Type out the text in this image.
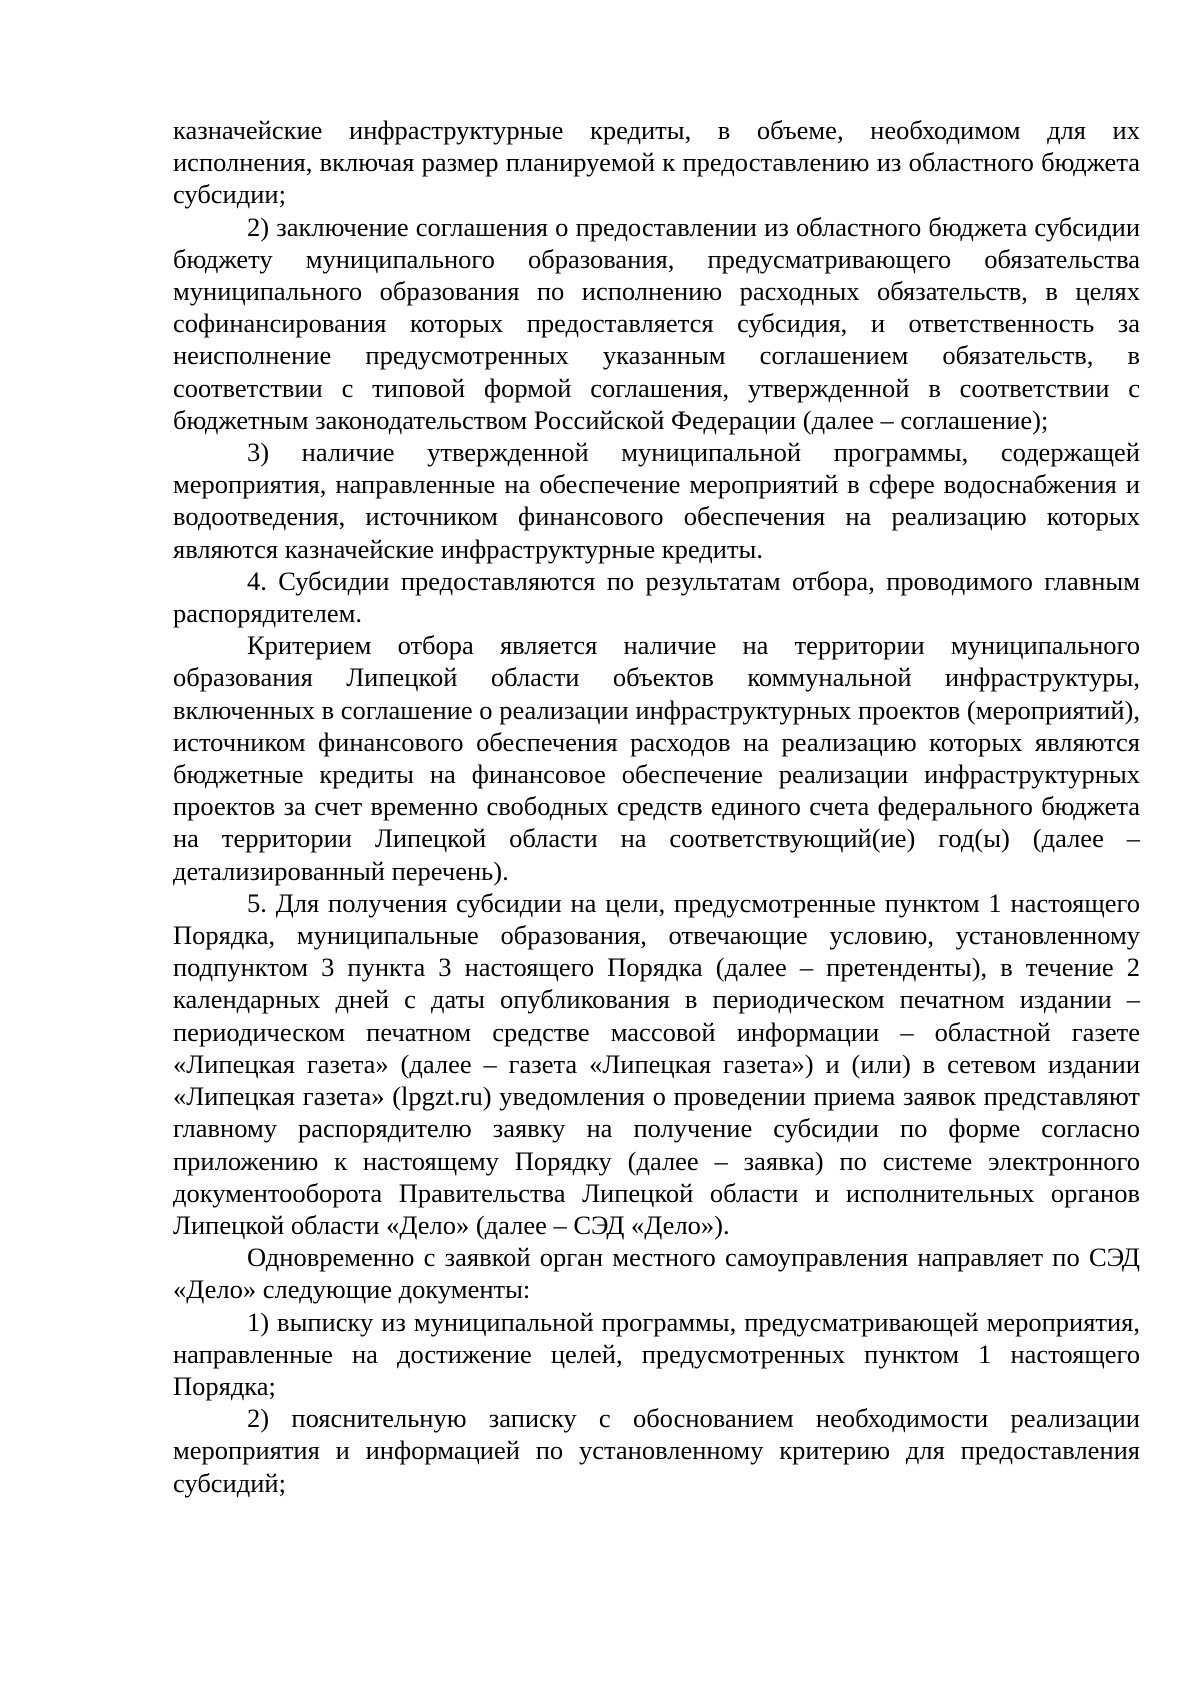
казначейские инфраструктурные кредиты, в объеме, необходимом для их исполнения, включая размер планируемой к предоставлению из областного бюджета субсидии;

2) заключение соглашения о предоставлении из областного бюджета субсидии бюджету муниципального образования, предусматривающего обязательства муниципального образования по исполнению расходных обязательств, в целях софинансирования которых предоставляется субсидия, и ответственность за неисполнение предусмотренных указанным соглашением обязательств, в соответствии с типовой формой соглашения, утвержденной в соответствии с бюджетным законодательством Российской Федерации (далее – соглашение);

3) наличие утвержденной муниципальной программы, содержащей мероприятия, направленные на обеспечение мероприятий в сфере водоснабжения и водоотведения, источником финансового обеспечения на реализацию которых являются казначейские инфраструктурные кредиты.

4. Субсидии предоставляются по результатам отбора, проводимого главным распорядителем.

Критерием отбора является наличие на территории муниципального образования Липецкой области объектов коммунальной инфраструктуры, включенных в соглашение о реализации инфраструктурных проектов (мероприятий), источником финансового обеспечения расходов на реализацию которых являются бюджетные кредиты на финансовое обеспечение реализации инфраструктурных проектов за счет временно свободных средств единого счета федерального бюджета на территории Липецкой области на соответствующий(ие) год(ы) (далее – детализированный перечень).

5. Для получения субсидии на цели, предусмотренные пунктом 1 настоящего Порядка, муниципальные образования, отвечающие условию, установленному подпунктом 3 пункта 3 настоящего Порядка (далее – претенденты), в течение 2 календарных дней с даты опубликования в периодическом печатном издании – периодическом печатном средстве массовой информации – областной газете «Липецкая газета» (далее – газета «Липецкая газета») и (или) в сетевом издании «Липецкая газета» (lpgzt.ru) уведомления о проведении приема заявок представляют главному распорядителю заявку на получение субсидии по форме согласно приложению к настоящему Порядку (далее – заявка) по системе электронного документооборота Правительства Липецкой области и исполнительных органов Липецкой области «Дело» (далее – СЭД «Дело»).

Одновременно с заявкой орган местного самоуправления направляет по СЭД «Дело» следующие документы:

1) выписку из муниципальной программы, предусматривающей мероприятия, направленные на достижение целей, предусмотренных пунктом 1 настоящего Порядка;

2) пояснительную записку с обоснованием необходимости реализации мероприятия и информацией по установленному критерию для предоставления субсидий;
